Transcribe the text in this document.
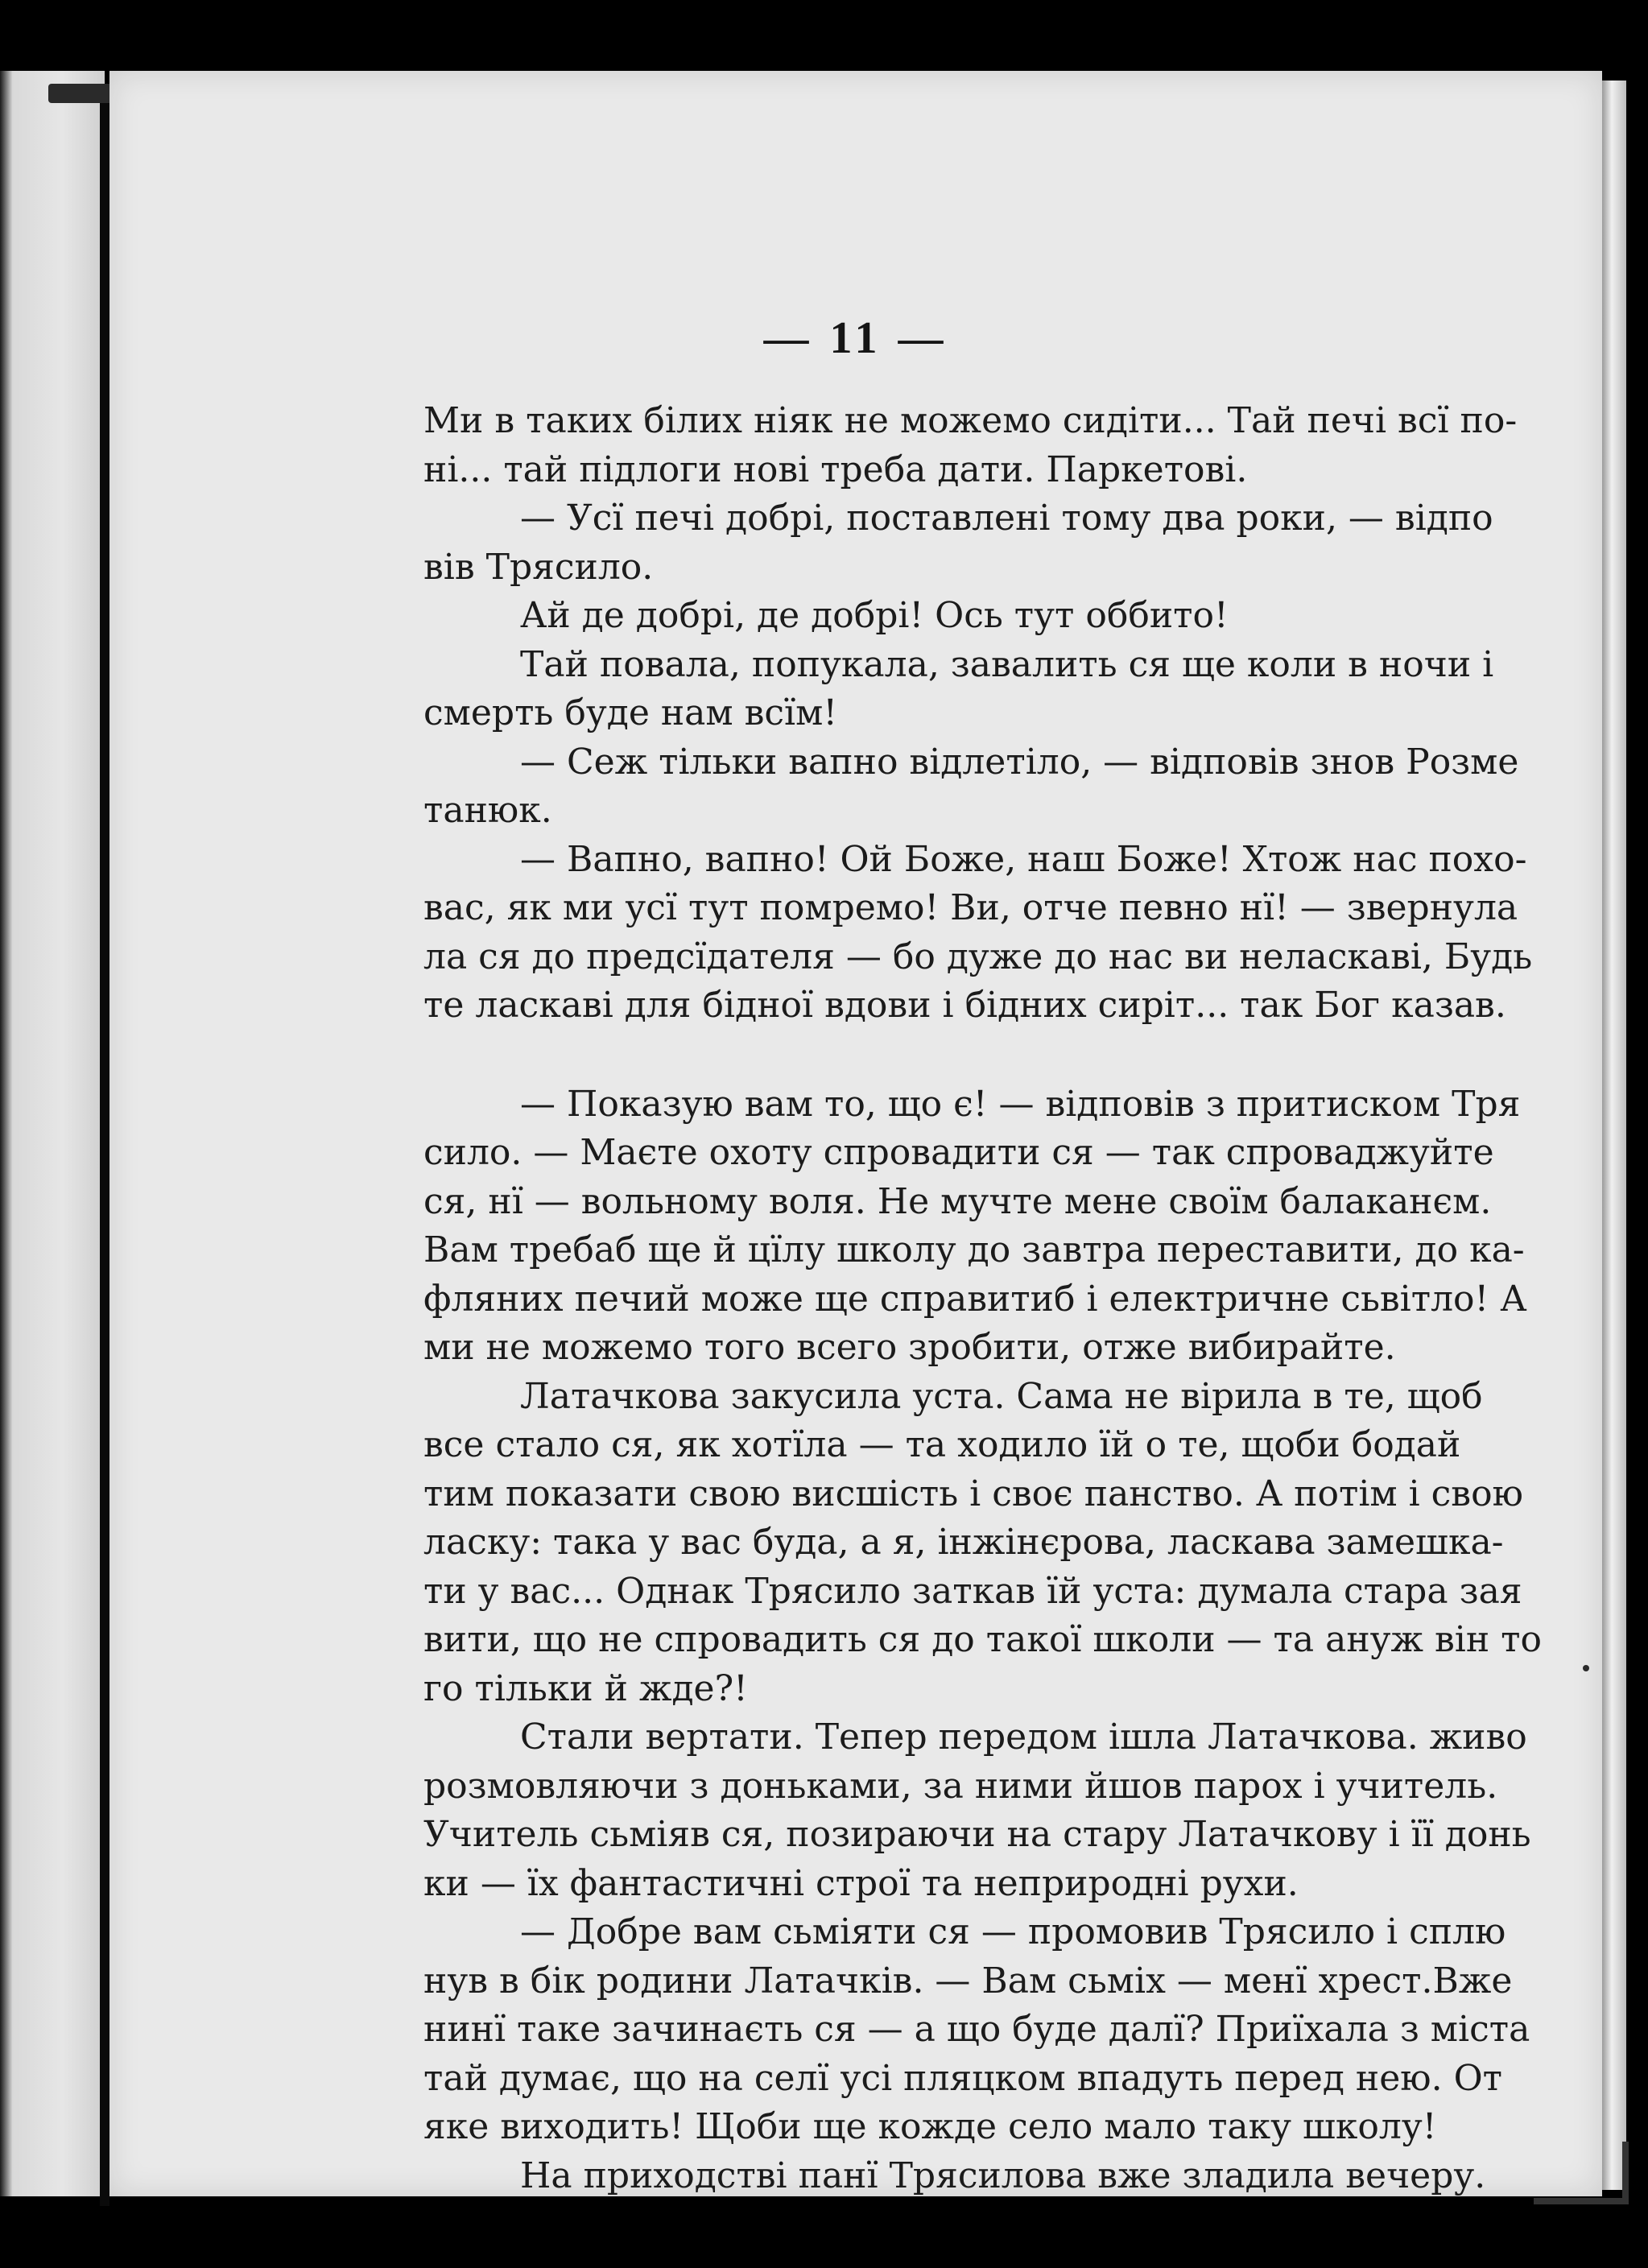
— 11 —
Ми в таких білих ніяк не можемо сидіти... Тай печі всї по-
ні... тай підлоги нові треба дати. Паркетові.
— Усї печі добрі, поставлені тому два роки, — відпо
вів Трясило.
Ай де добрі, де добрі! Ось тут оббито!
Тай повала, попукала, завалить ся ще коли в ночи і
смерть буде нам всїм!
— Сеж тільки вапно відлетіло, — відповів знов Розме
танюк.
— Вапно, вапно! Ой Боже, наш Боже! Хтож нас похо-
вас, як ми усї тут помремо! Ви, отче певно нї! — звернула
ла ся до предсїдателя — бо дуже до нас ви неласкаві, Будь
те ласкаві для бідної вдови і бідних сиріт... так Бог казав.
— Показую вам то, що є! — відповів з притиском Тря
сило. — Маєте охоту спровадити ся — так спроваджуйте
ся, нї — вольному воля. Не мучте мене своїм балаканєм.
Вам требаб ще й цїлу школу до завтра переставити, до ка-
фляних печий може ще справитиб і електричне сьвітло! А
ми не можемо того всего зробити, отже вибирайте.
Латачкова закусила уста. Сама не вірила в те, щоб
все стало ся, як хотїла — та ходило їй о те, щоби бодай
тим показати свою висшість і своє панство. А потім і свою
ласку: така у вас буда, а я, інжінєрова, ласкава замешка-
ти у вас... Однак Трясило заткав їй уста: думала стара зая
вити, що не спровадить ся до такої школи — та ануж він то
го тільки й жде?!
Стали вертати. Тепер передом ішла Латачкова. живо
розмовляючи з доньками, за ними йшов парох і учитель.
Учитель сьміяв ся, позираючи на стару Латачкову і її донь
ки — їх фантастичні строї та неприродні рухи.
— Добре вам сьміяти ся — промовив Трясило і сплю
нув в бік родини Латачків. — Вам сьміх — менї хрест.Вже
нинї таке зачинаєть ся — а що буде далї? Приїхала з міста
тай думає, що на селї усі пляцком впадуть перед нею. От
яке виходить! Щоби ще кожде село мало таку школу!
На приходстві панї Трясилова вже зладила вечеру.
